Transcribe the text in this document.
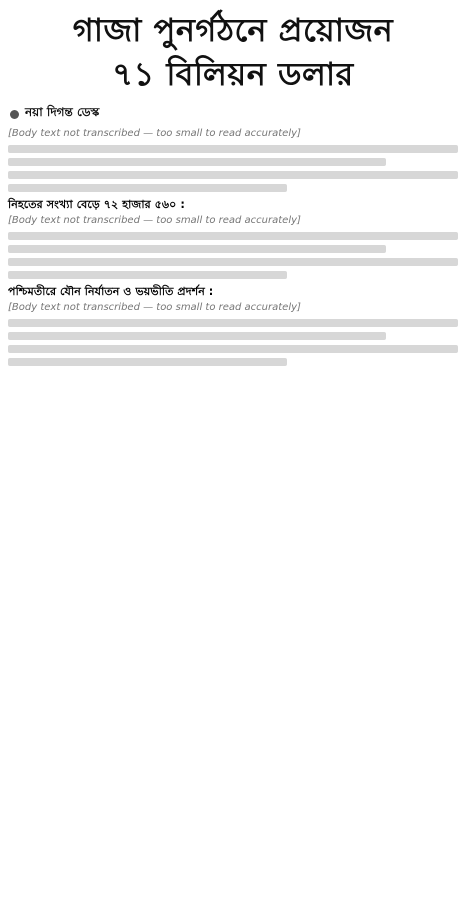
গাজা পুনর্গঠনে প্রয়োজন
৭১ বিলিয়ন ডলার
নয়া দিগন্ত ডেস্ক
[Body text not transcribed — too small to read accurately]

নিহতের সংখ্যা বেড়ে ৭২ হাজার ৫৬০ :

[Body text not transcribed — too small to read accurately]

পশ্চিমতীরে যৌন নির্যাতন ও ভয়ভীতি প্রদর্শন :

[Body text not transcribed — too small to read accurately]
